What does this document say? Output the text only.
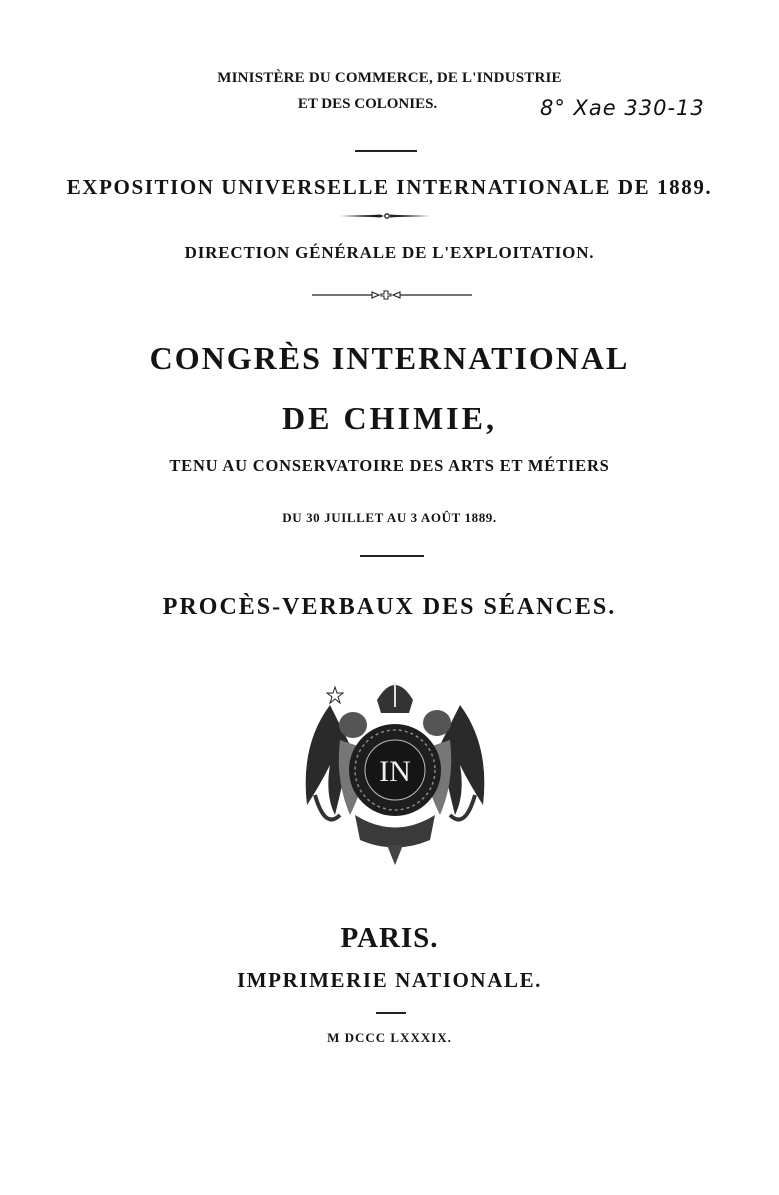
MINISTÈRE DU COMMERCE, DE L'INDUSTRIE
ET DES COLONIES.	8° Xae 330-13
EXPOSITION UNIVERSELLE INTERNATIONALE DE 1889.
DIRECTION GÉNÉRALE DE L'EXPLOITATION.
CONGRÈS INTERNATIONAL
DE CHIMIE,
TENU AU CONSERVATOIRE DES ARTS ET MÉTIERS
DU 30 JUILLET AU 3 AOÛT 1889.
PROCÈS-VERBAUX DES SÉANCES.
IN
PARIS.
IMPRIMERIE NATIONALE.
M DCCC LXXXIX.
